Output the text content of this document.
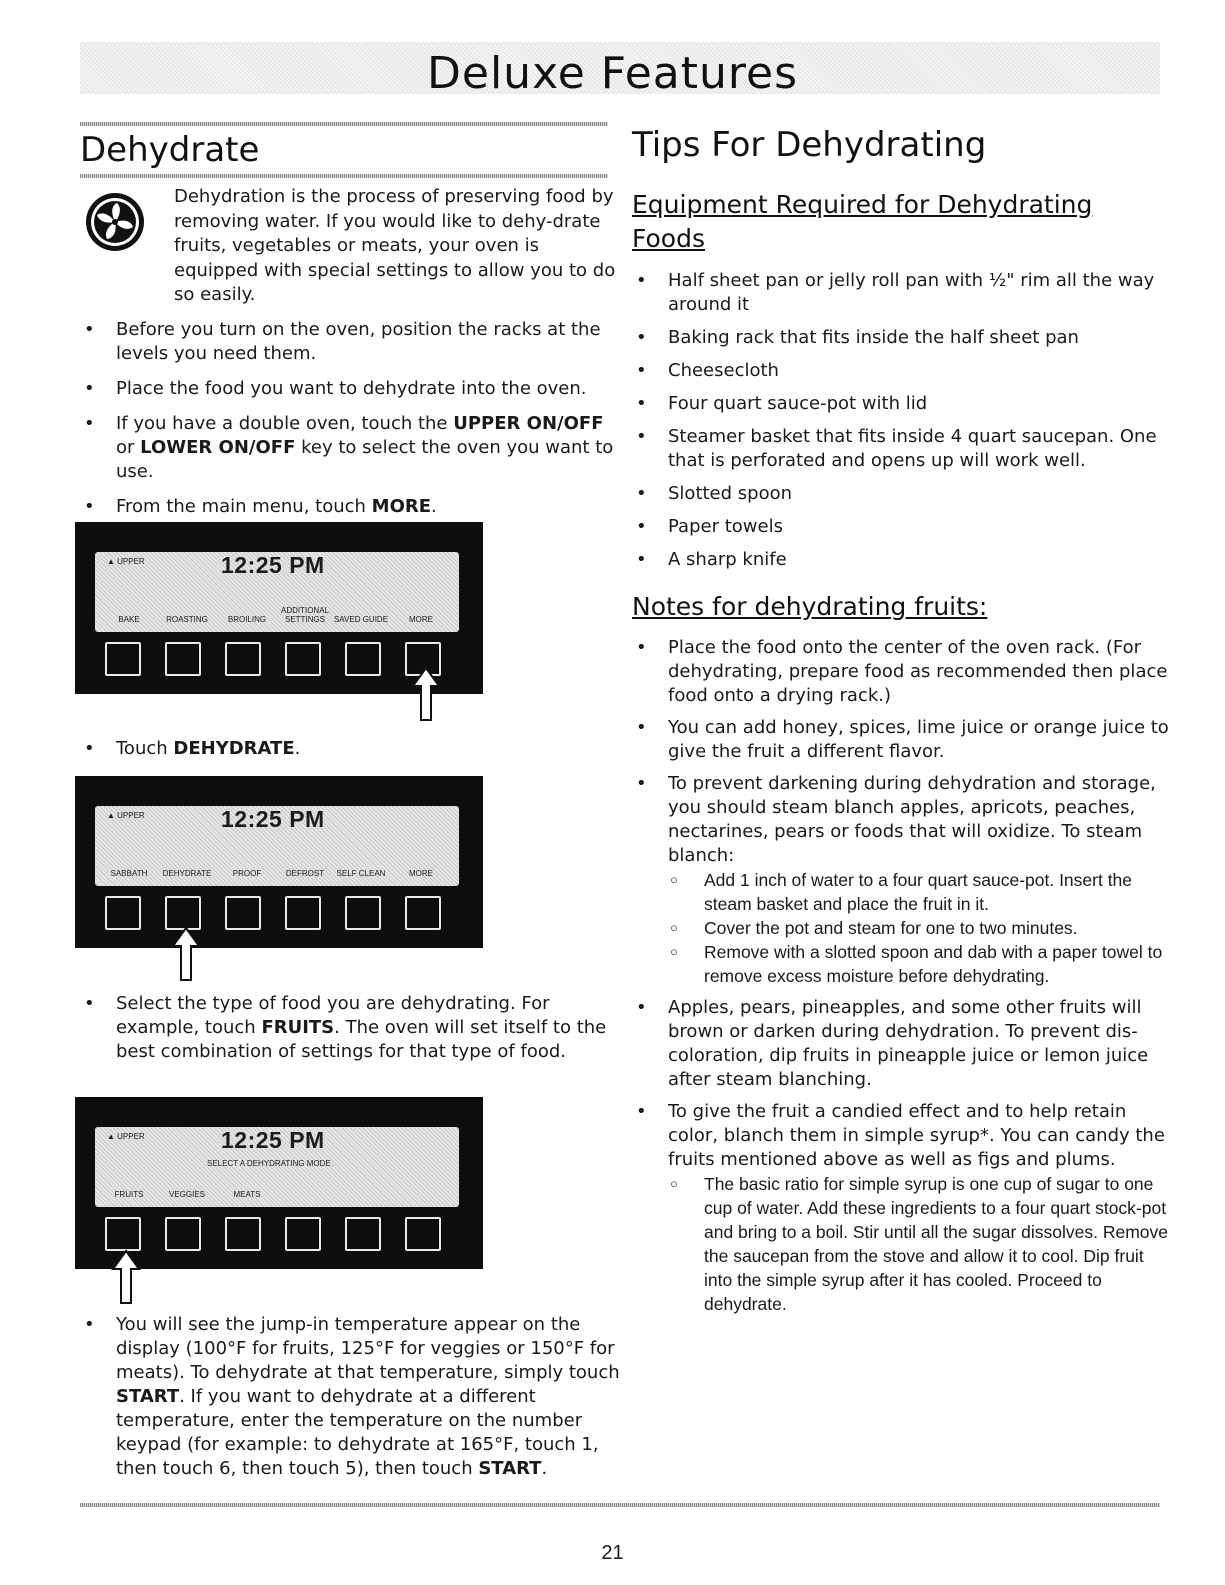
Deluxe Features
Dehydrate
Dehydration is the process of preserving food by removing water. If you would like to dehy-drate fruits, vegetables or meats, your oven is equipped with special settings to allow you to do so easily.
• Before you turn on the oven, position the racks at the levels you need them.
• Place the food you want to dehydrate into the oven.
• If you have a double oven, touch the UPPER ON/OFF or LOWER ON/OFF key to select the oven you want to use.
• From the main menu, touch MORE.
▲ UPPER	12:25 PM
BAKE	ROASTING	BROILING
ADDITIONAL SETTINGS	SAVED GUIDE	MORE
• Touch DEHYDRATE.
▲ UPPER	12:25 PM
SABBATH	DEHYDRATE	PROOF	DEFROST	SELF CLEAN	MORE
• Select the type of food you are dehydrating. For example, touch FRUITS. The oven will set itself to the best combination of settings for that type of food.
▲ UPPER	12:25 PM
SELECT A DEHYDRATING MODE
FRUITS	VEGGIES	MEATS
• You will see the jump-in temperature appear on the display (100°F for fruits, 125°F for veggies or 150°F for meats). To dehydrate at that temperature, simply touch START. If you want to dehydrate at a different temperature, enter the temperature on the number keypad (for example: to dehydrate at 165°F, touch 1, then touch 6, then touch 5), then touch START.
Tips For Dehydrating
Equipment Required for Dehydrating Foods
• Half sheet pan or jelly roll pan with ½" rim all the way around it
• Baking rack that fits inside the half sheet pan
• Cheesecloth
• Four quart sauce-pot with lid
• Steamer basket that fits inside 4 quart saucepan. One that is perforated and opens up will work well.
• Slotted spoon
• Paper towels
• A sharp knife
Notes for dehydrating fruits:
• Place the food onto the center of the oven rack. (For dehydrating, prepare food as recommended then place food onto a drying rack.)
• You can add honey, spices, lime juice or orange juice to give the fruit a different flavor.
• To prevent darkening during dehydration and storage, you should steam blanch apples, apricots, peaches, nectarines, pears or foods that will oxidize. To steam blanch:
○ Add 1 inch of water to a four quart sauce-pot. Insert the steam basket and place the fruit in it.
○ Cover the pot and steam for one to two minutes.
○ Remove with a slotted spoon and dab with a paper towel to remove excess moisture before dehydrating.
• Apples, pears, pineapples, and some other fruits will brown or darken during dehydration. To prevent dis-coloration, dip fruits in pineapple juice or lemon juice after steam blanching.
• To give the fruit a candied effect and to help retain color, blanch them in simple syrup*. You can candy the fruits mentioned above as well as figs and plums.
○ The basic ratio for simple syrup is one cup of sugar to one cup of water. Add these ingredients to a four quart stock-pot and bring to a boil. Stir until all the sugar dissolves. Remove the saucepan from the stove and allow it to cool. Dip fruit into the simple syrup after it has cooled. Proceed to dehydrate.
21
